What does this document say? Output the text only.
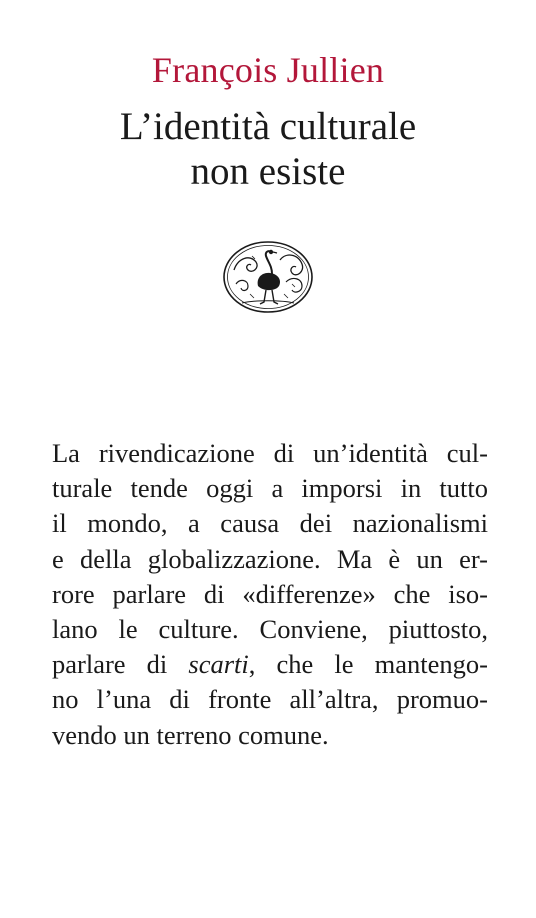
François Jullien
L’identità culturale
non esiste
La rivendicazione di un’identità cul-
turale tende oggi a imporsi in tutto
il mondo, a causa dei nazionalismi
e della globalizzazione. Ma è un er-
rore parlare di «differenze» che iso-
lano le culture. Conviene, piuttosto,
parlare di scarti, che le mantengo-
no l’una di fronte all’altra, promuo-
vendo un terreno comune.
